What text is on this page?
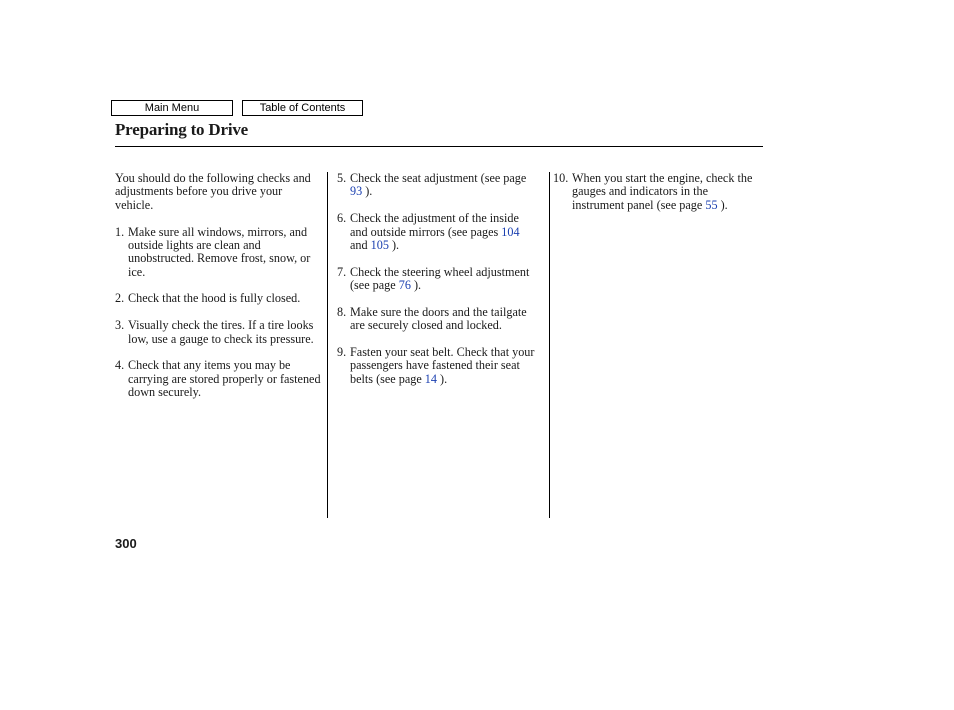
Main Menu	Table of Contents
Preparing to Drive

You should do the following checks and adjustments before you drive your vehicle.

1. Make sure all windows, mirrors, and outside lights are clean and unobstructed. Remove frost, snow, or ice.
2. Check that the hood is fully closed.
3. Visually check the tires. If a tire looks low, use a gauge to check its pressure.
4. Check that any items you may be carrying are stored properly or fastened down securely.
5. Check the seat adjustment (see page 93 ).
6. Check the adjustment of the inside and outside mirrors (see pages 104 and 105 ).
7. Check the steering wheel adjustment (see page 76 ).
8. Make sure the doors and the tailgate are securely closed and locked.
9. Fasten your seat belt. Check that your passengers have fastened their seat belts (see page 14 ).
10. When you start the engine, check the gauges and indicators in the instrument panel (see page 55 ).
300
